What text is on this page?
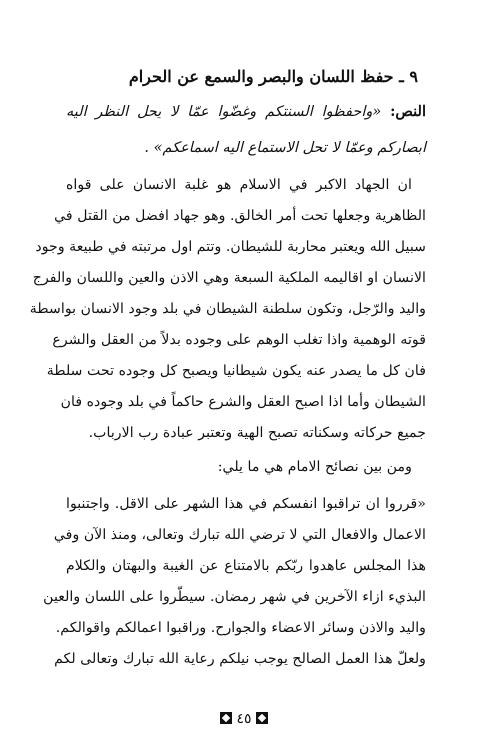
٩ ـ حفظ اللسان والبصر والسمع عن الحرام
النص: «واحفظوا السنتكم وغضّوا عمّا لا يحل النظر اليه
ابصاركم وعمّا لا تحل الاستماع اليه اسماعكم» .
ان الجهاد الاكبر في الاسلام هو غلبة الانسان على قواه
الظاهرية وجعلها تحت أمر الخالق. وهو جهاد افضل من القتل في
سبيل الله ويعتبر محاربة للشيطان. وتتم اول مرتبته في طبيعة وجود
الانسان او اقاليمه الملكية السبعة وهي الاذن والعين واللسان والفرج
واليد والرّجل، وتكون سلطنة الشيطان في بلد وجود الانسان بواسطة
قوته الوهمية واذا تغلب الوهم على وجوده بدلاً من العقل والشرع
فان كل ما يصدر عنه يكون شيطانيا ويصبح كل وجوده تحت سلطة
الشيطان وأما اذا اصبح العقل والشرع حاكماً في بلد وجوده فان
جميع حركاته وسكناته تصبح الهية وتعتبر عبادة رب الارباب.
ومن بين نصائح الامام هي ما يلي:
«قرروا ان تراقبوا انفسكم في هذا الشهر على الاقل. واجتنبوا
الاعمال والافعال التي لا ترضي الله تبارك وتعالى، ومنذ الآن وفي
هذا المجلس عاهدوا ربّكم بالامتناع عن الغيبة والبهتان والكلام
البذيء ازاء الآخرين في شهر رمضان. سيطّروا على اللسان والعين
واليد والاذن وسائر الاعضاء والجوارح. وراقبوا اعمالكم واقوالكم.
ولعلّ هذا العمل الصالح يوجب نيلكم رعاية الله تبارك وتعالى لكم
٤٥
